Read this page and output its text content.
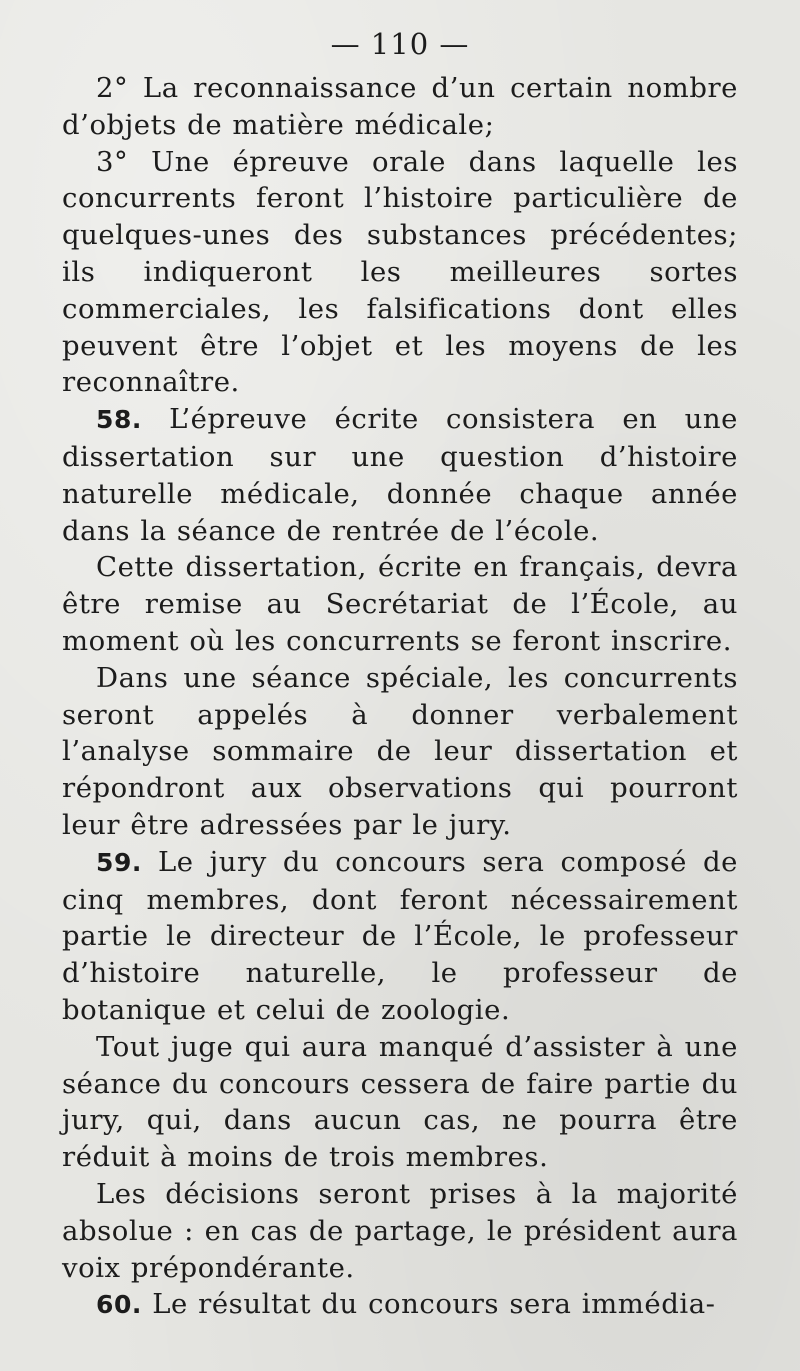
— 110 —

2° La reconnaissance d’un certain nombre d’objets de matière médicale;

3° Une épreuve orale dans laquelle les concurrents feront l’histoire particulière de quelques-unes des substances précédentes; ils indiqueront les meilleures sortes commerciales, les falsifications dont elles peuvent être l’objet et les moyens de les reconnaître.

58. L’épreuve écrite consistera en une dissertation sur une question d’histoire naturelle médicale, donnée chaque année dans la séance de rentrée de l’école.

Cette dissertation, écrite en français, devra être remise au Secrétariat de l’École, au moment où les concurrents se feront inscrire.

Dans une séance spéciale, les concurrents seront appelés à donner verbalement l’analyse sommaire de leur dissertation et répondront aux observations qui pourront leur être adressées par le jury.

59. Le jury du concours sera composé de cinq membres, dont feront nécessairement partie le directeur de l’École, le professeur d’histoire naturelle, le professeur de botanique et celui de zoologie.

Tout juge qui aura manqué d’assister à une séance du concours cessera de faire partie du jury, qui, dans aucun cas, ne pourra être réduit à moins de trois membres.

Les décisions seront prises à la majorité absolue : en cas de partage, le président aura voix prépondérante.

60. Le résultat du concours sera immédia-
